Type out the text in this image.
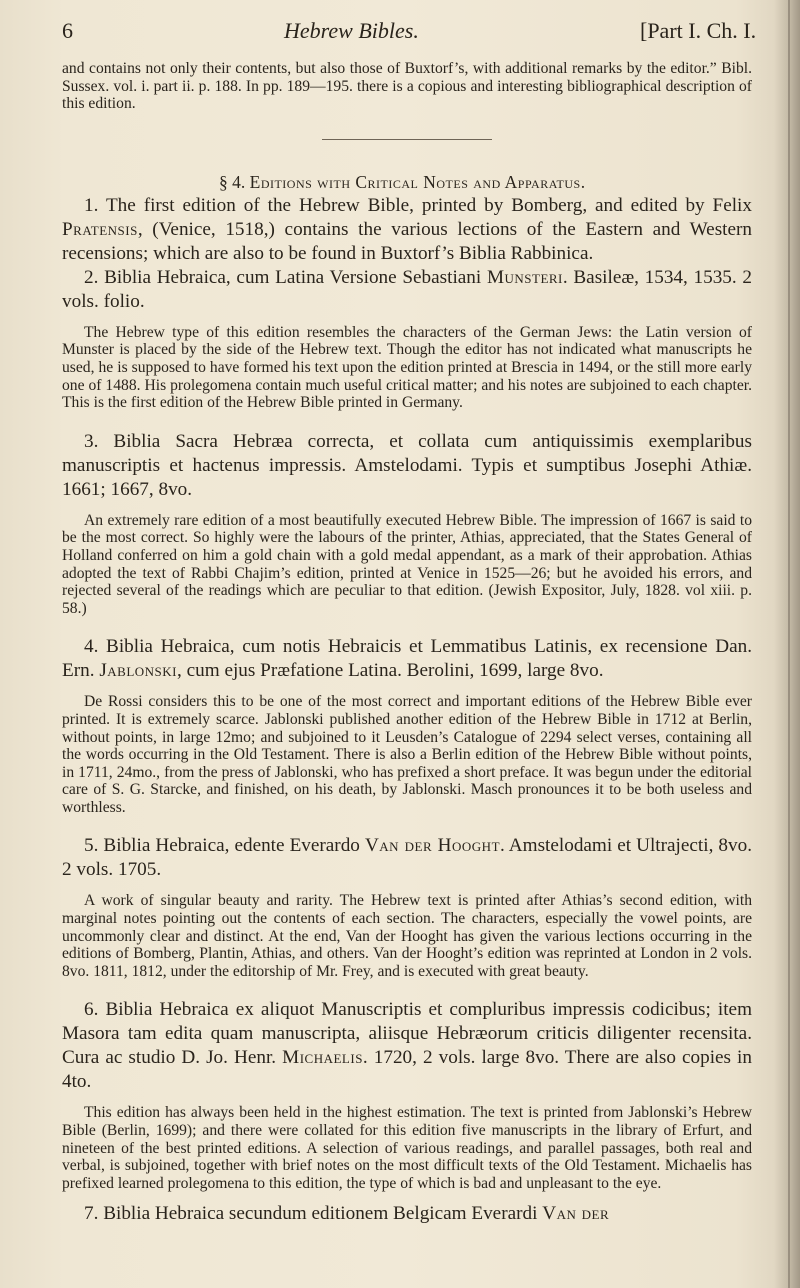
6	Hebrew Bibles.	[Part I. Ch. I.

and contains not only their contents, but also those of Buxtorf’s, with additional remarks by the editor.” Bibl. Sussex. vol. i. part ii. p. 188. In pp. 189—195. there is a copious and interesting bibliographical description of this edition.

§ 4. Editions with Critical Notes and Apparatus.

1. The first edition of the Hebrew Bible, printed by Bomberg, and edited by Felix Pratensis, (Venice, 1518,) contains the various lections of the Eastern and Western recensions; which are also to be found in Buxtorf’s Biblia Rabbinica.

2. Biblia Hebraica, cum Latina Versione Sebastiani Munsteri. Basileæ, 1534, 1535. 2 vols. folio.

The Hebrew type of this edition resembles the characters of the German Jews: the Latin version of Munster is placed by the side of the Hebrew text. Though the editor has not indicated what manuscripts he used, he is supposed to have formed his text upon the edition printed at Brescia in 1494, or the still more early one of 1488. His prolegomena contain much useful critical matter; and his notes are subjoined to each chapter. This is the first edition of the Hebrew Bible printed in Germany.

3. Biblia Sacra Hebræa correcta, et collata cum antiquissimis exemplaribus manuscriptis et hactenus impressis. Amstelodami. Typis et sumptibus Josephi Athiæ. 1661; 1667, 8vo.

An extremely rare edition of a most beautifully executed Hebrew Bible. The impression of 1667 is said to be the most correct. So highly were the labours of the printer, Athias, appreciated, that the States General of Holland conferred on him a gold chain with a gold medal appendant, as a mark of their approbation. Athias adopted the text of Rabbi Chajim’s edition, printed at Venice in 1525—26; but he avoided his errors, and rejected several of the readings which are peculiar to that edition. (Jewish Expositor, July, 1828. vol xiii. p. 58.)

4. Biblia Hebraica, cum notis Hebraicis et Lemmatibus Latinis, ex recensione Dan. Ern. Jablonski, cum ejus Præfatione Latina. Berolini, 1699, large 8vo.

De Rossi considers this to be one of the most correct and important editions of the Hebrew Bible ever printed. It is extremely scarce. Jablonski published another edition of the Hebrew Bible in 1712 at Berlin, without points, in large 12mo; and subjoined to it Leusden’s Catalogue of 2294 select verses, containing all the words occurring in the Old Testament. There is also a Berlin edition of the Hebrew Bible without points, in 1711, 24mo., from the press of Jablonski, who has prefixed a short preface. It was begun under the editorial care of S. G. Starcke, and finished, on his death, by Jablonski. Masch pronounces it to be both useless and worthless.

5. Biblia Hebraica, edente Everardo Van der Hooght. Amstelodami et Ultrajecti, 8vo. 2 vols. 1705.

A work of singular beauty and rarity. The Hebrew text is printed after Athias’s second edition, with marginal notes pointing out the contents of each section. The characters, especially the vowel points, are uncommonly clear and distinct. At the end, Van der Hooght has given the various lections occurring in the editions of Bomberg, Plantin, Athias, and others. Van der Hooght’s edition was reprinted at London in 2 vols. 8vo. 1811, 1812, under the editorship of Mr. Frey, and is executed with great beauty.

6. Biblia Hebraica ex aliquot Manuscriptis et compluribus impressis codicibus; item Masora tam edita quam manuscripta, aliisque Hebræorum criticis diligenter recensita. Cura ac studio D. Jo. Henr. Michaelis. 1720, 2 vols. large 8vo. There are also copies in 4to.

This edition has always been held in the highest estimation. The text is printed from Jablonski’s Hebrew Bible (Berlin, 1699); and there were collated for this edition five manuscripts in the library of Erfurt, and nineteen of the best printed editions. A selection of various readings, and parallel passages, both real and verbal, is subjoined, together with brief notes on the most difficult texts of the Old Testament. Michaelis has prefixed learned prolegomena to this edition, the type of which is bad and unpleasant to the eye.

7. Biblia Hebraica secundum editionem Belgicam Everardi Van der
